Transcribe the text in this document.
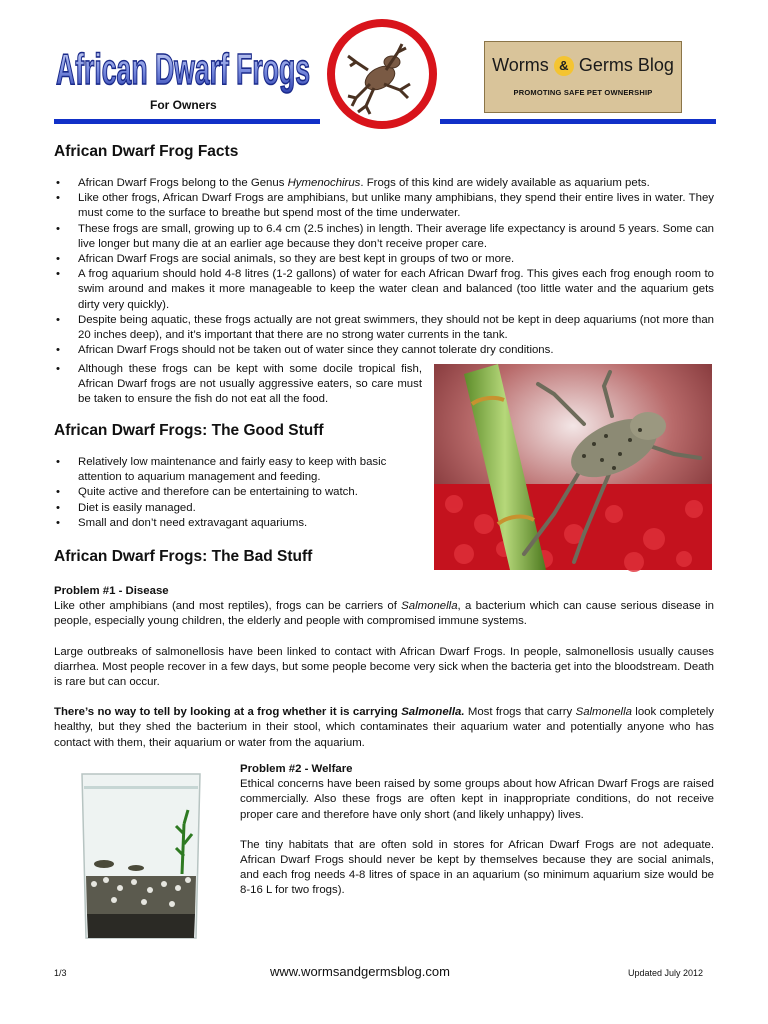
African Dwarf Frogs
For Owners
Worms & Germs Blog
PROMOTING SAFE PET OWNERSHIP
African Dwarf Frog Facts
• African Dwarf Frogs belong to the Genus Hymenochirus. Frogs of this kind are widely available as aquarium pets.
• Like other frogs, African Dwarf Frogs are amphibians, but unlike many amphibians, they spend their entire lives in water. They must come to the surface to breathe but spend most of the time underwater.
• These frogs are small, growing up to 6.4 cm (2.5 inches) in length. Their average life expectancy is around 5 years. Some can live longer but many die at an earlier age because they don’t receive proper care.
• African Dwarf Frogs are social animals, so they are best kept in groups of two or more.
• A frog aquarium should hold 4-8 litres (1-2 gallons) of water for each African Dwarf frog. This gives each frog enough room to swim around and makes it more manageable to keep the water clean and balanced (too little water and the aquarium gets dirty very quickly).
• Despite being aquatic, these frogs actually are not great swimmers, they should not be kept in deep aquariums (not more than 20 inches deep), and it’s important that there are no strong water currents in the tank.
• African Dwarf Frogs should not be taken out of water since they cannot tolerate dry conditions.
• Although these frogs can be kept with some docile tropical fish, African Dwarf frogs are not usually aggressive eaters, so care must be taken to ensure the fish do not eat all the food.
African Dwarf Frogs: The Good Stuff
• Relatively low maintenance and fairly easy to keep with basic attention to aquarium management and feeding.
• Quite active and therefore can be entertaining to watch.
• Diet is easily managed.
• Small and don’t need extravagant aquariums.
African Dwarf Frogs: The Bad Stuff

Problem #1 - Disease

Like other amphibians (and most reptiles), frogs can be carriers of Salmonella, a bacterium which can cause serious disease in people, especially young children, the elderly and people with compromised immune systems.

Large outbreaks of salmonellosis have been linked to contact with African Dwarf Frogs. In people, salmonellosis usually causes diarrhea. Most people recover in a few days, but some people become very sick when the bacteria get into the bloodstream. Death is rare but can occur.

There’s no way to tell by looking at a frog whether it is carrying Salmonella. Most frogs that carry Salmonella look completely healthy, but they shed the bacterium in their stool, which contaminates their aquarium water and potentially anyone who has contact with them, their aquarium or water from the aquarium.

Problem #2 - Welfare

Ethical concerns have been raised by some groups about how African Dwarf Frogs are raised commercially. Also these frogs are often kept in inappropriate conditions, do not receive proper care and therefore have only short (and likely unhappy) lives.

The tiny habitats that are often sold in stores for African Dwarf Frogs are not adequate. African Dwarf Frogs should never be kept by themselves because they are social animals, and each frog needs 4-8 litres of space in an aquarium (so minimum aquarium size would be 8-16 L for two frogs).

1/3	www.wormsandgermsblog.com	Updated July 2012
